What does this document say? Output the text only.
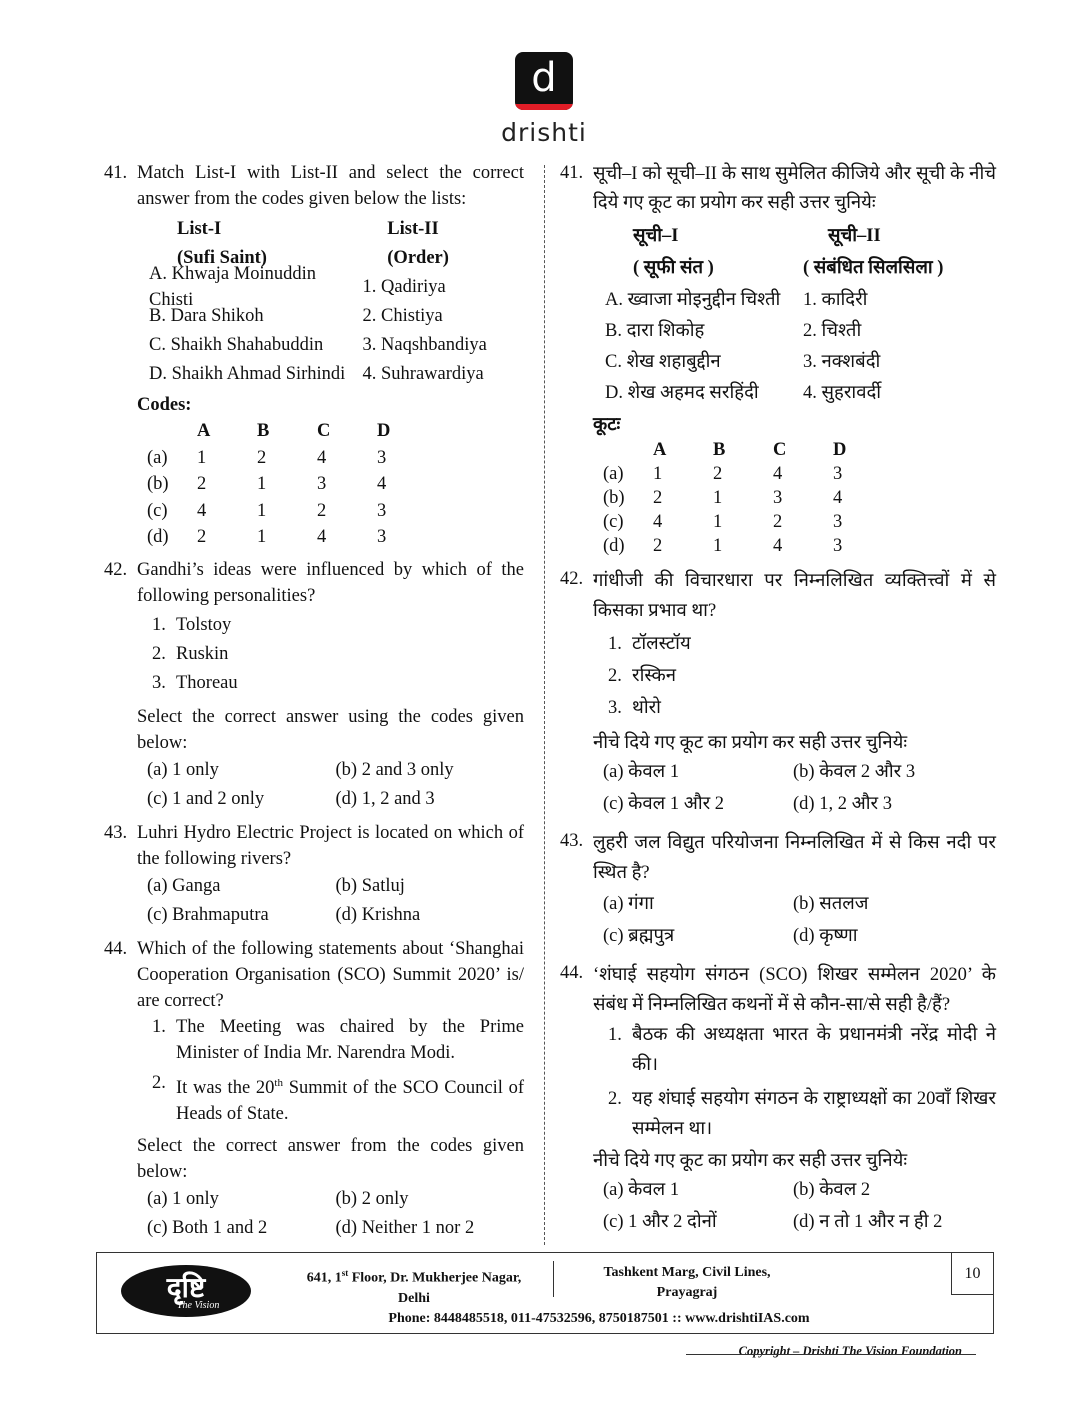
d
drishti
41. Match List-I with List-II and select the correct answer from the codes given below the lists:
List-I	List-II
(Sufi Saint)	(Order)
A. Khwaja Moinuddin Chisti
1. Qadiriya
B. Dara Shikoh	2. Chistiya
C. Shaikh Shahabuddin	3. Naqshbandiya
D. Shaikh Ahmad Sirhindi 4. Suhrawardiya
Codes:
A	B	C	D
(a)	1	2	4	3
(b)	2	1	3	4
(c)	4	1	2	3
(d)	2	1	4	3
42. Gandhi’s ideas were influenced by which of the following personalities?
1. Tolstoy
2. Ruskin
3. Thoreau
Select the correct answer using the codes given below:
(a) 1 only	(b) 2 and 3 only
(c) 1 and 2 only	(d) 1, 2 and 3
43. Luhri Hydro Electric Project is located on which of the following rivers?
(a) Ganga	(b) Satluj
(c) Brahmaputra	(d) Krishna
44. Which of the following statements about ‘Shanghai Cooperation Organisation (SCO) Summit 2020’ is/ are correct?
1. The Meeting was chaired by the Prime Minister of India Mr. Narendra Modi.
2. It was the 20th Summit of the SCO Council of Heads of State.
Select the correct answer from the codes given below:
(a) 1 only	(b) 2 only
(c) Both 1 and 2	(d) Neither 1 nor 2
41. सूची–I को सूची–II के साथ सुमेलित कीजिये और सूची के नीचे दिये गए कूट का प्रयोग कर सही उत्तर चुनियेः
सूची–I	सूची–II
( सूफी संत )	( संबंधित सिलसिला )
A. ख्वाजा मोइनुद्दीन चिश्ती	1. कादिरी
B. दारा शिकोह	2. चिश्ती
C. शेख शहाबुद्दीन	3. नक्शबंदी
D. शेख अहमद सरहिंदी	4. सुहरावर्दी
कूटः
A	B	C	D
(a)	1	2	4	3
(b)	2	1	3	4
(c)	4	1	2	3
(d)	2	1	4	3
42. गांधीजी की विचारधारा पर निम्नलिखित व्यक्तित्त्वों में से किसका प्रभाव था?
1. टॉलस्टॉय
2. रस्किन
3. थोरो
नीचे दिये गए कूट का प्रयोग कर सही उत्तर चुनियेः
(a) केवल 1	(b) केवल 2 और 3
(c) केवल 1 और 2	(d) 1, 2 और 3
43. लुहरी जल विद्युत परियोजना निम्नलिखित में से किस नदी पर स्थित है?
(a) गंगा	(b) सतलज
(c) ब्रह्मपुत्र	(d) कृष्णा
44. ‘शंघाई सहयोग संगठन (SCO) शिखर सम्मेलन 2020’ के संबंध में निम्नलिखित कथनों में से कौन-सा/से सही है/हैं?
1. बैठक की अध्यक्षता भारत के प्रधानमंत्री नरेंद्र मोदी ने की।
2. यह शंघाई सहयोग संगठन के राष्ट्राध्यक्षों का 20वाँ शिखर सम्मेलन था।
नीचे दिये गए कूट का प्रयोग कर सही उत्तर चुनियेः
(a) केवल 1	(b) केवल 2
(c) 1 और 2 दोनों	(d) न तो 1 और न ही 2
दृष्टि
The Vision
641, 1st Floor, Dr. Mukherjee Nagar,
Delhi
Tashkent Marg, Civil Lines,
Prayagraj
Phone: 8448485518, 011-47532596, 8750187501 :: www.drishtiIAS.com
10
Copyright – Drishti The Vision Foundation
